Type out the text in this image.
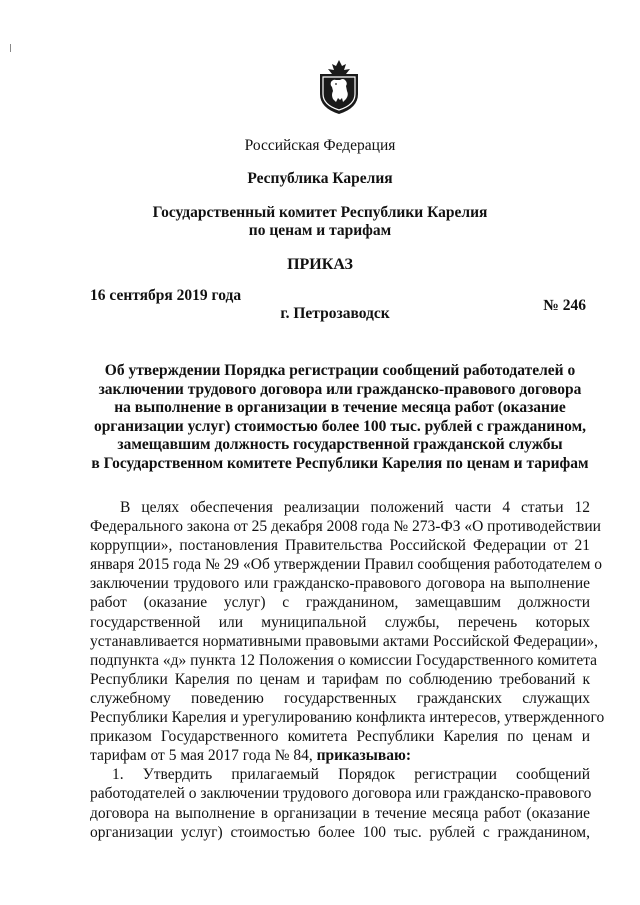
Российская Федерация
Республика Карелия
Государственный комитет Республики Карелия
по ценам и тарифам
ПРИКАЗ
16 сентября 2019 года
№ 246
г. Петрозаводск
Об утверждении Порядка регистрации сообщений работодателей о
заключении трудового договора или гражданско-правового договора
на выполнение в организации в течение месяца работ (оказание
организации услуг) стоимостью более 100 тыс. рублей с гражданином,
замещавшим должность государственной гражданской службы
в Государственном комитете Республики Карелия по ценам и тарифам
В целях обеспечения реализации положений части 4 статьи 12
Федерального закона от 25 декабря 2008 года № 273-ФЗ «О противодействии
коррупции», постановления Правительства Российской Федерации от 21
января 2015 года № 29 «Об утверждении Правил сообщения работодателем о
заключении трудового или гражданско-правового договора на выполнение
работ (оказание услуг) с гражданином, замещавшим должности
государственной или муниципальной службы, перечень которых
устанавливается нормативными правовыми актами Российской Федерации»,
подпункта «д» пункта 12 Положения о комиссии Государственного комитета
Республики Карелия по ценам и тарифам по соблюдению требований к
служебному поведению государственных гражданских служащих
Республики Карелия и урегулированию конфликта интересов, утвержденного
приказом Государственного комитета Республики Карелия по ценам и
тарифам от 5 мая 2017 года № 84, приказываю:
1. Утвердить прилагаемый Порядок регистрации сообщений
работодателей о заключении трудового договора или гражданско-правового
договора на выполнение в организации в течение месяца работ (оказание
организации услуг) стоимостью более 100 тыс. рублей с гражданином,
